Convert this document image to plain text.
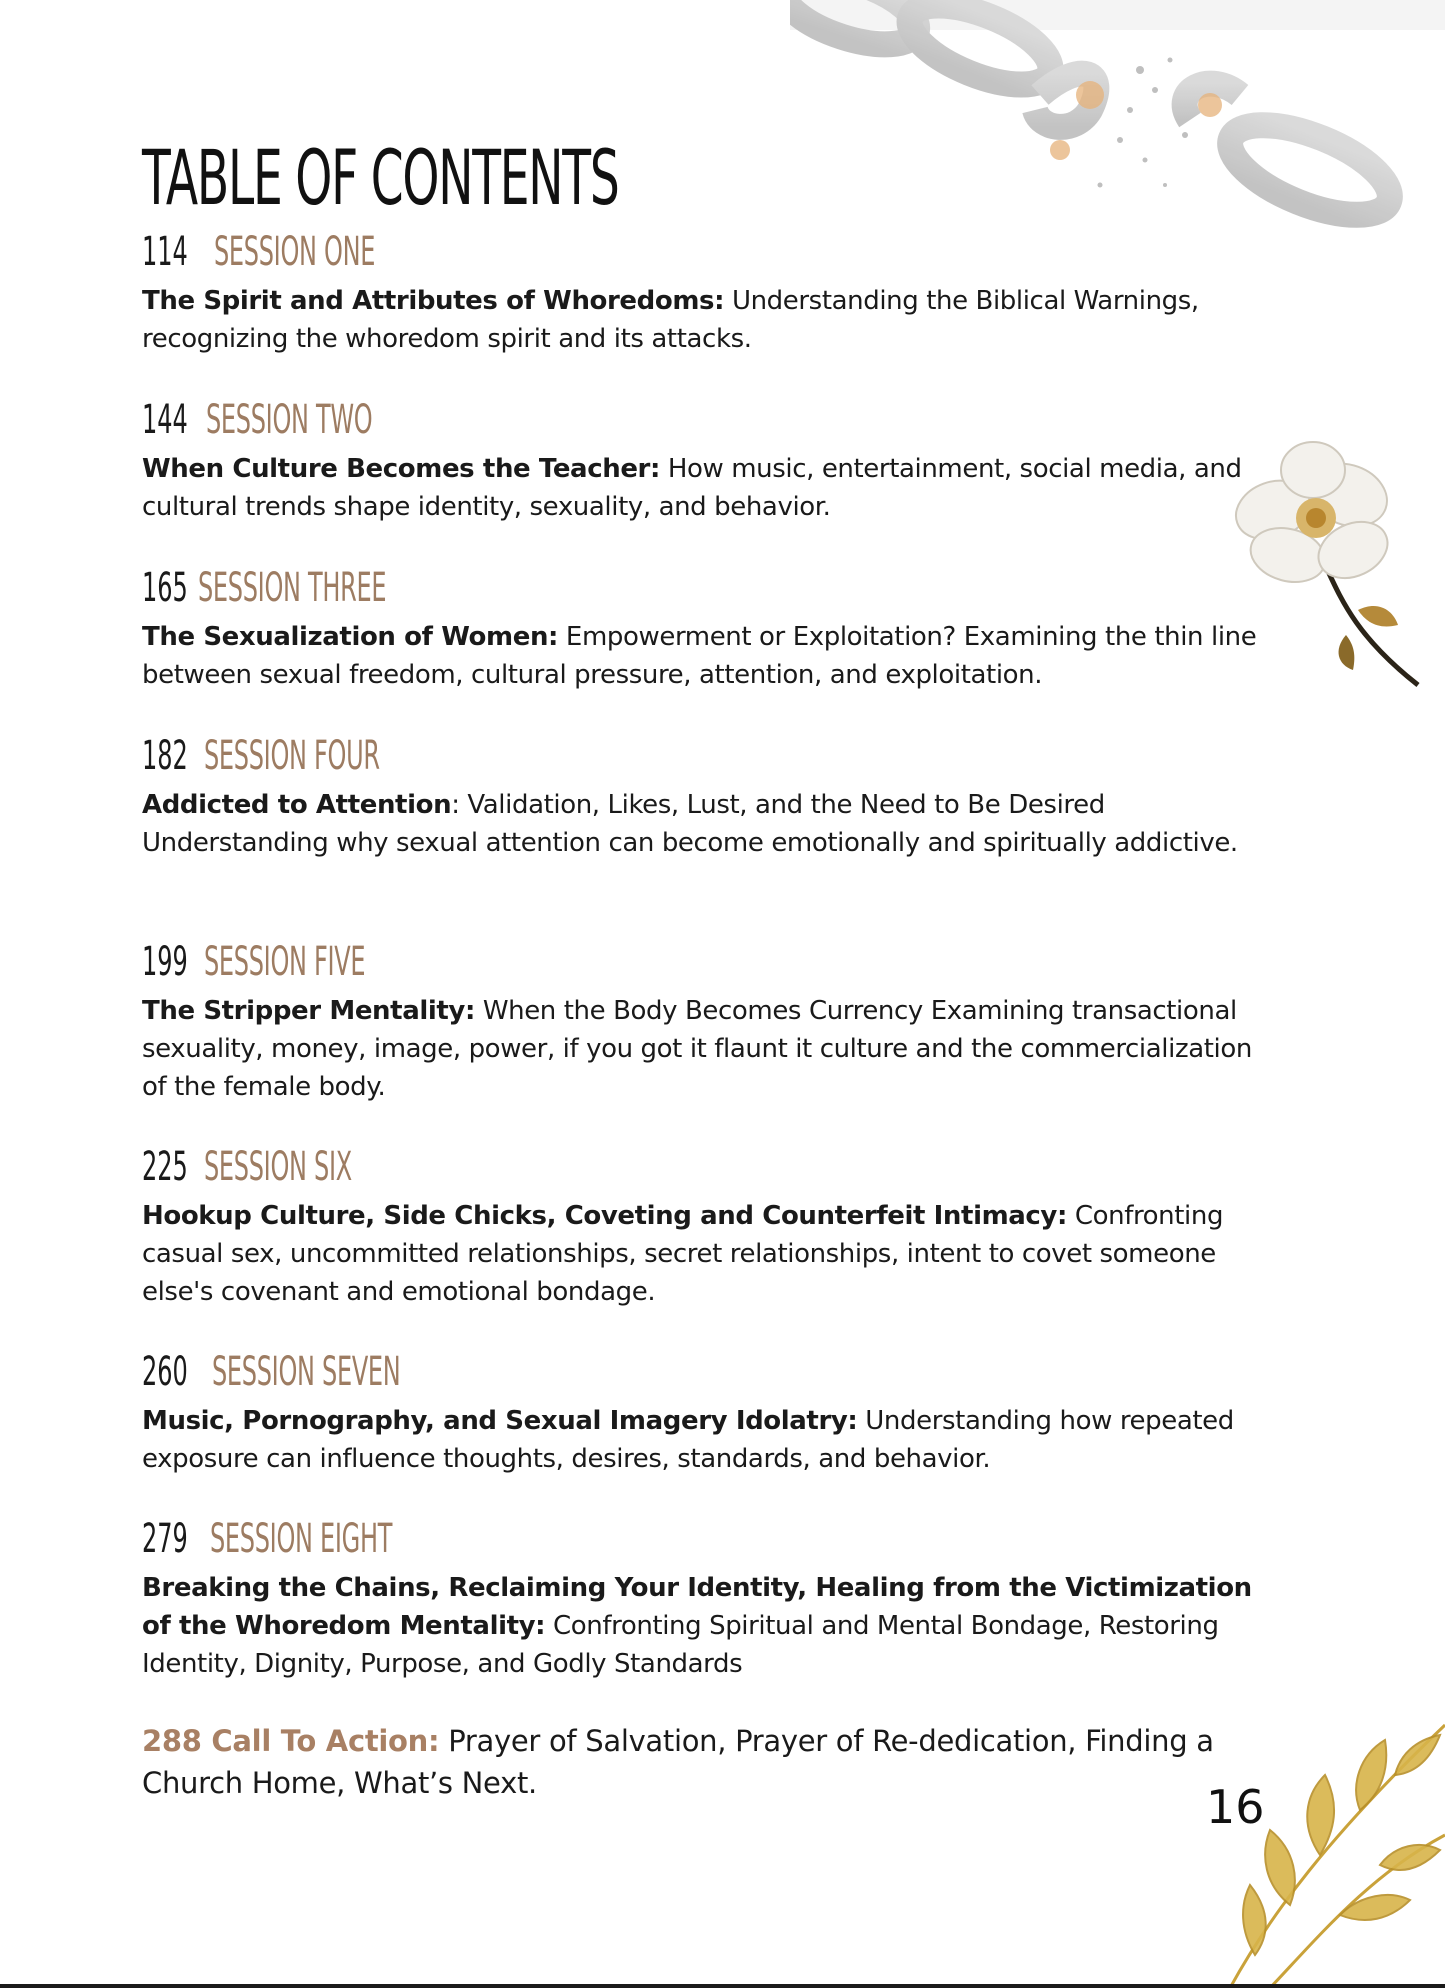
TABLE OF CONTENTS
114 SESSION ONE
The Spirit and Attributes of Whoredoms: Understanding the Biblical Warnings, recognizing the whoredom spirit and its attacks.
144 SESSION TWO
When Culture Becomes the Teacher: How music, entertainment, social media, and cultural trends shape identity, sexuality, and behavior.
165 SESSION THREE
The Sexualization of Women: Empowerment or Exploitation? Examining the thin line between sexual freedom, cultural pressure, attention, and exploitation.
182 SESSION FOUR
Addicted to Attention: Validation, Likes, Lust, and the Need to Be Desired Understanding why sexual attention can become emotionally and spiritually addictive.
199 SESSION FIVE
The Stripper Mentality: When the Body Becomes Currency Examining transactional sexuality, money, image, power, if you got it flaunt it culture and the commercialization of the female body.
225 SESSION SIX
Hookup Culture, Side Chicks, Coveting and Counterfeit Intimacy: Confronting casual sex, uncommitted relationships, secret relationships, intent to covet someone else's covenant and emotional bondage.
260 SESSION SEVEN
Music, Pornography, and Sexual Imagery Idolatry: Understanding how repeated exposure can influence thoughts, desires, standards, and behavior.
279 SESSION EIGHT
Breaking the Chains, Reclaiming Your Identity, Healing from the Victimization of the Whoredom Mentality: Confronting Spiritual and Mental Bondage, Restoring Identity, Dignity, Purpose, and Godly Standards
288 Call To Action: Prayer of Salvation, Prayer of Re-dedication, Finding a Church Home, What’s Next.	16
